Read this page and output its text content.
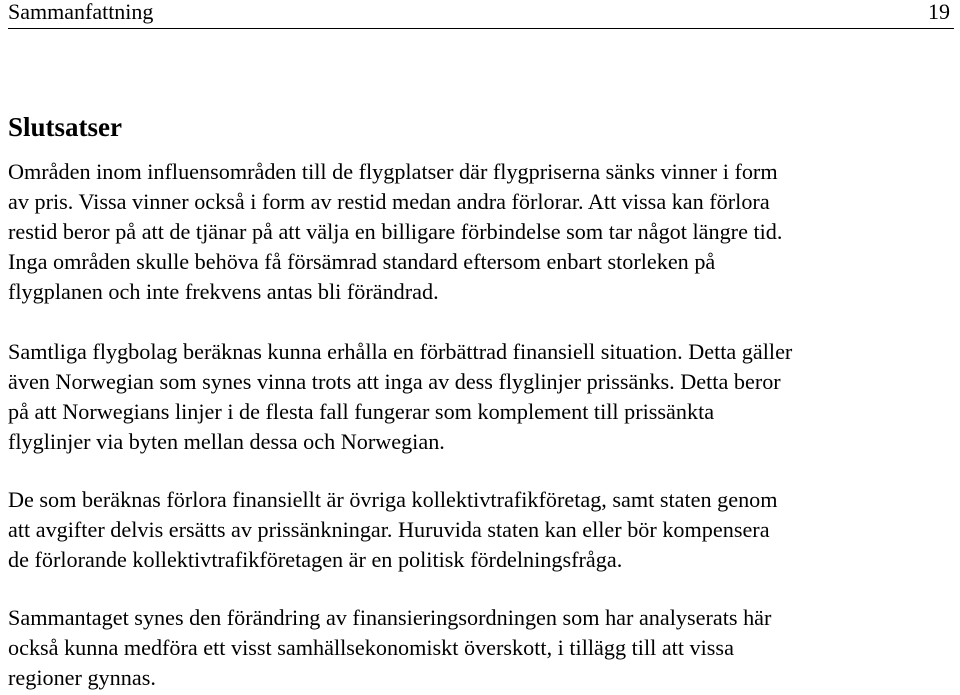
Sammanfattning	19
Slutsatser

Områden inom influensområden till de flygplatser där flygpriserna sänks vinner i form
av pris. Vissa vinner också i form av restid medan andra förlorar. Att vissa kan förlora
restid beror på att de tjänar på att välja en billigare förbindelse som tar något längre tid.
Inga områden skulle behöva få försämrad standard eftersom enbart storleken på
flygplanen och inte frekvens antas bli förändrad.

Samtliga flygbolag beräknas kunna erhålla en förbättrad finansiell situation. Detta gäller
även Norwegian som synes vinna trots att inga av dess flyglinjer prissänks. Detta beror
på att Norwegians linjer i de flesta fall fungerar som komplement till prissänkta
flyglinjer via byten mellan dessa och Norwegian.

De som beräknas förlora finansiellt är övriga kollektivtrafikföretag, samt staten genom
att avgifter delvis ersätts av prissänkningar. Huruvida staten kan eller bör kompensera
de förlorande kollektivtrafikföretagen är en politisk fördelningsfråga.

Sammantaget synes den förändring av finansieringsordningen som har analyserats här
också kunna medföra ett visst samhällsekonomiskt överskott, i tillägg till att vissa
regioner gynnas.
